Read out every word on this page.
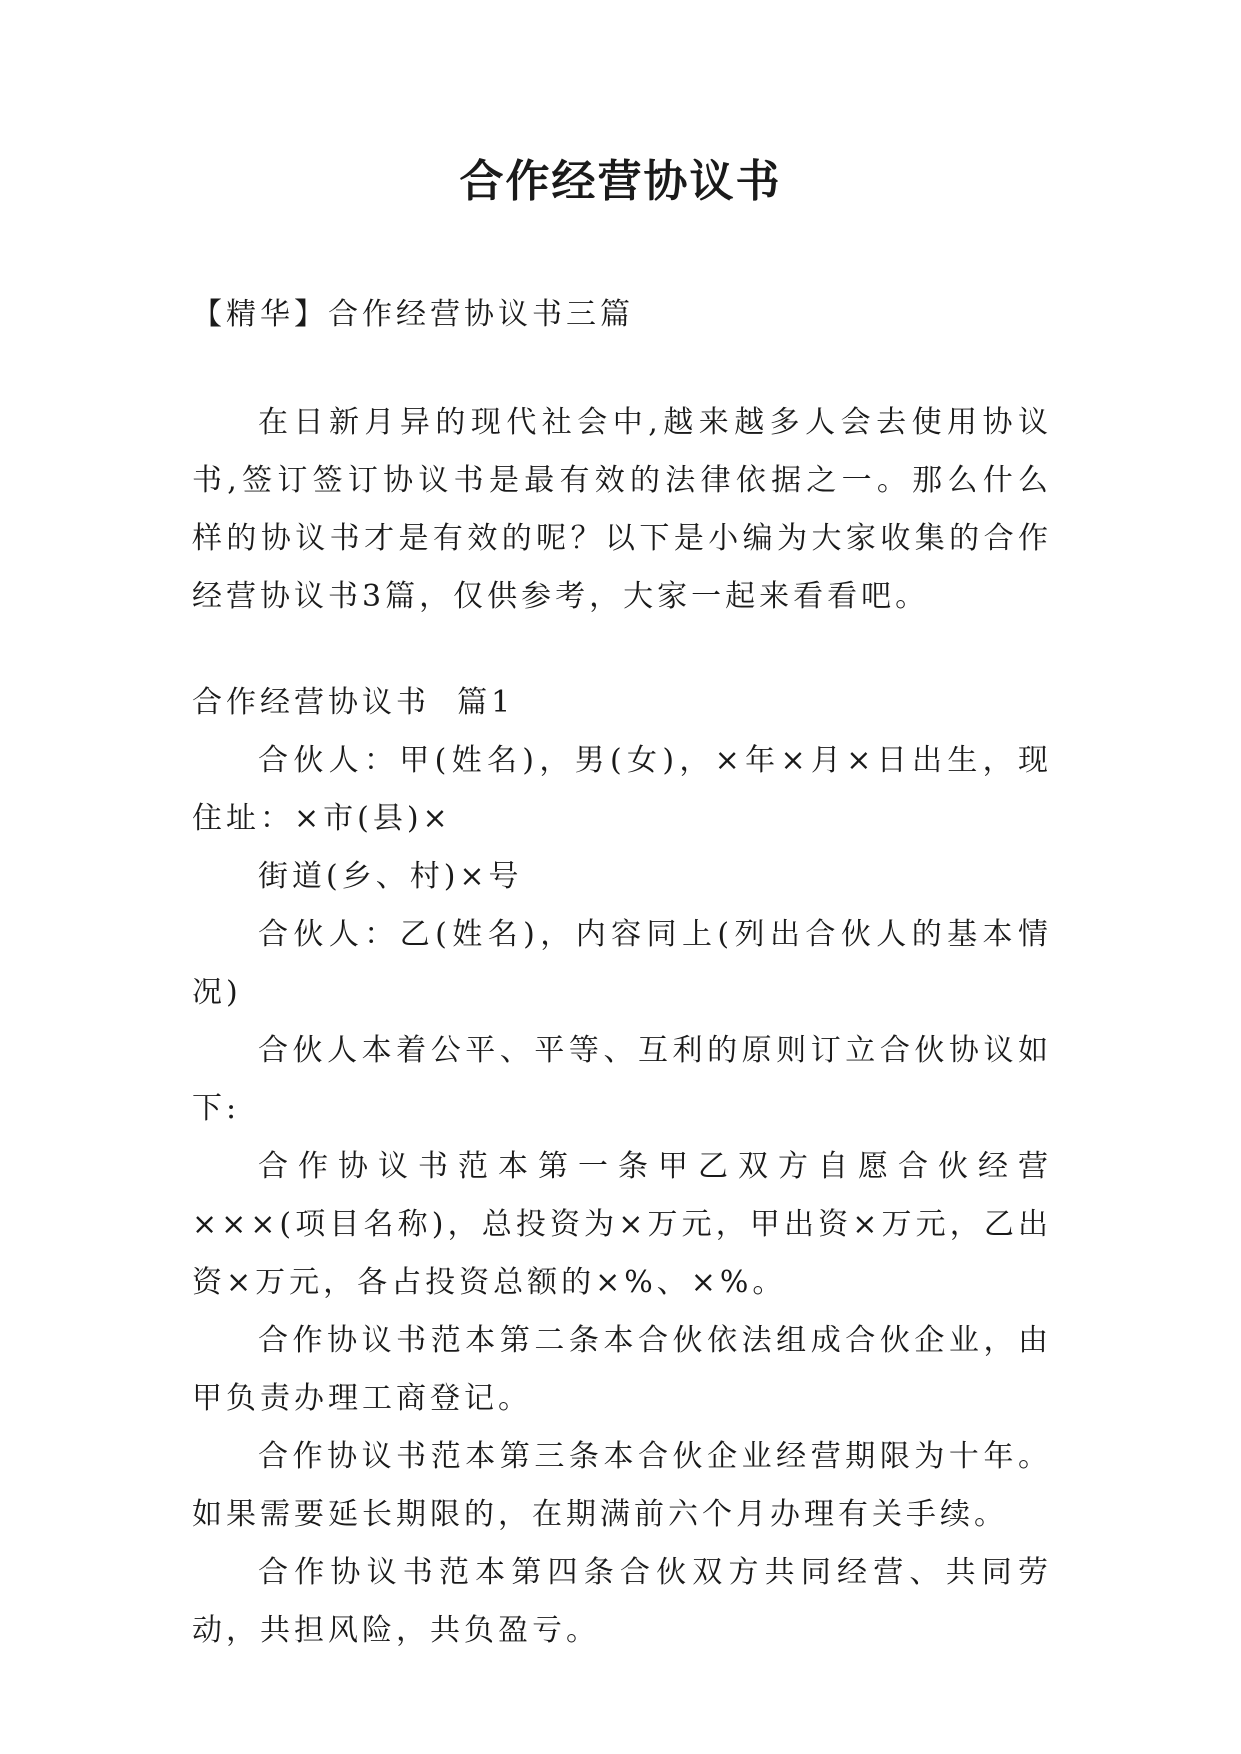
合作经营协议书

【精华】合作经营协议书三篇

在日新月异的现代社会中,越来越多人会去使用协议书,签订签订协议书是最有效的法律依据之一。那么什么样的协议书才是有效的呢？以下是小编为大家收集的合作经营协议书3篇，仅供参考，大家一起来看看吧。

合作经营协议书  篇1

合伙人：甲(姓名)，男(女)，×年×月×日出生，现住址：×市(县)×

街道(乡、村)×号

合伙人：乙(姓名)，内容同上(列出合伙人的基本情况)

合伙人本着公平、平等、互利的原则订立合伙协议如下:

合作协议书范本第一条甲乙双方自愿合伙经营×××(项目名称)，总投资为×万元，甲出资×万元，乙出资×万元，各占投资总额的×%、×%。

合作协议书范本第二条本合伙依法组成合伙企业，由甲负责办理工商登记。

合作协议书范本第三条本合伙企业经营期限为十年。如果需要延长期限的，在期满前六个月办理有关手续。

合作协议书范本第四条合伙双方共同经营、共同劳动，共担风险，共负盈亏。
